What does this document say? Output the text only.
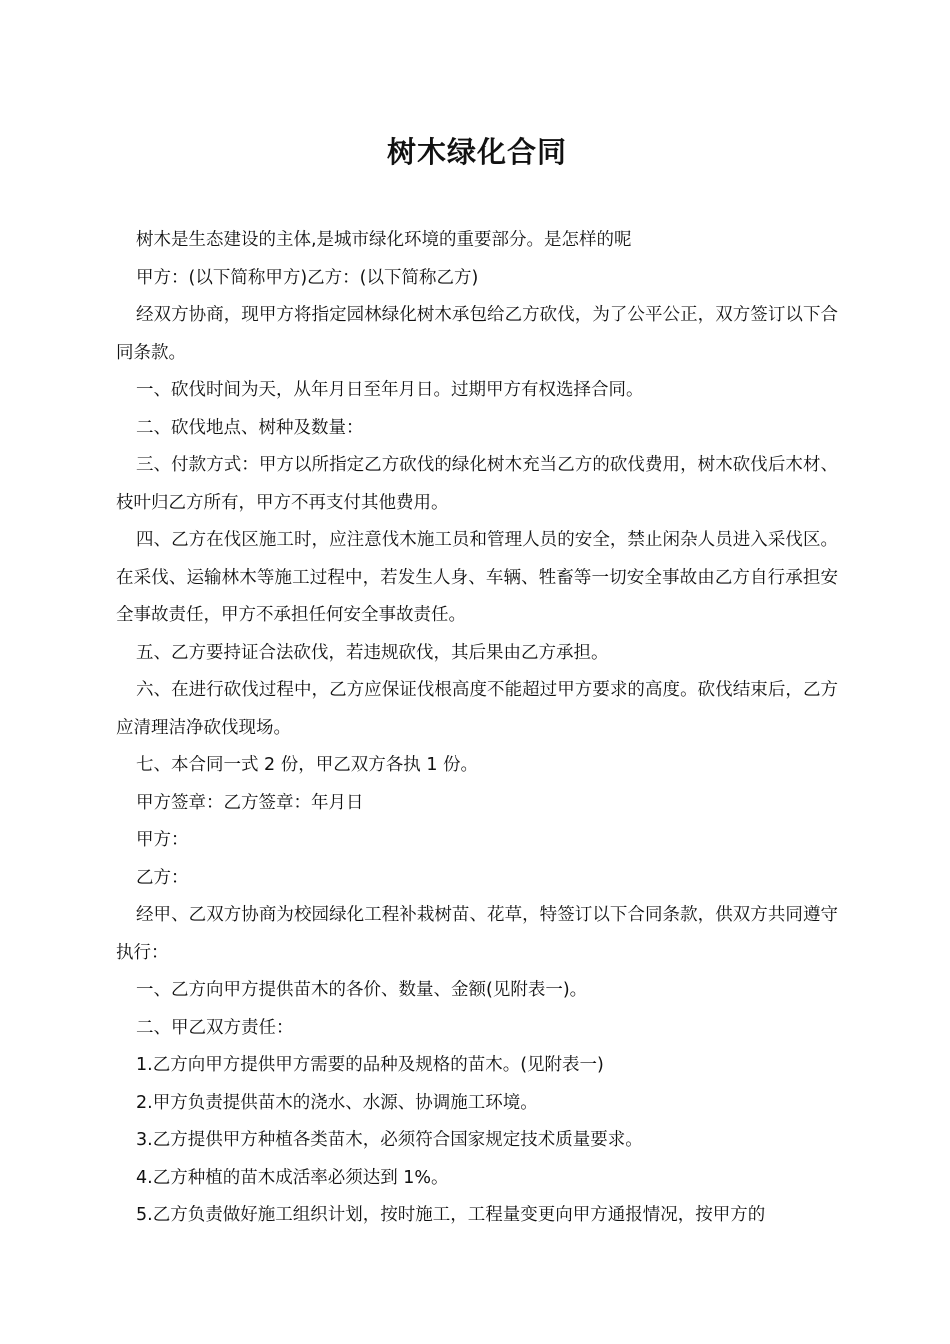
树木绿化合同

树木是生态建设的主体,是城市绿化环境的重要部分。是怎样的呢

甲方：(以下简称甲方)乙方：(以下简称乙方)

经双方协商，现甲方将指定园林绿化树木承包给乙方砍伐，为了公平公正，双方签订以下合同条款。

一、砍伐时间为天，从年月日至年月日。过期甲方有权选择合同。

二、砍伐地点、树种及数量：

三、付款方式：甲方以所指定乙方砍伐的绿化树木充当乙方的砍伐费用，树木砍伐后木材、枝叶归乙方所有，甲方不再支付其他费用。

四、乙方在伐区施工时，应注意伐木施工员和管理人员的安全，禁止闲杂人员进入采伐区。在采伐、运输林木等施工过程中，若发生人身、车辆、牲畜等一切安全事故由乙方自行承担安全事故责任，甲方不承担任何安全事故责任。

五、乙方要持证合法砍伐，若违规砍伐，其后果由乙方承担。

六、在进行砍伐过程中，乙方应保证伐根高度不能超过甲方要求的高度。砍伐结束后，乙方应清理洁净砍伐现场。

七、本合同一式 2 份，甲乙双方各执 1 份。

甲方签章：乙方签章：年月日

甲方：

乙方：

经甲、乙双方协商为校园绿化工程补栽树苗、花草，特签订以下合同条款，供双方共同遵守执行：

一、乙方向甲方提供苗木的各价、数量、金额(见附表一)。

二、甲乙双方责任：

1.乙方向甲方提供甲方需要的品种及规格的苗木。(见附表一)

2.甲方负责提供苗木的浇水、水源、协调施工环境。

3.乙方提供甲方种植各类苗木，必须符合国家规定技术质量要求。

4.乙方种植的苗木成活率必须达到 1%。

5.乙方负责做好施工组织计划，按时施工，工程量变更向甲方通报情况，按甲方的
